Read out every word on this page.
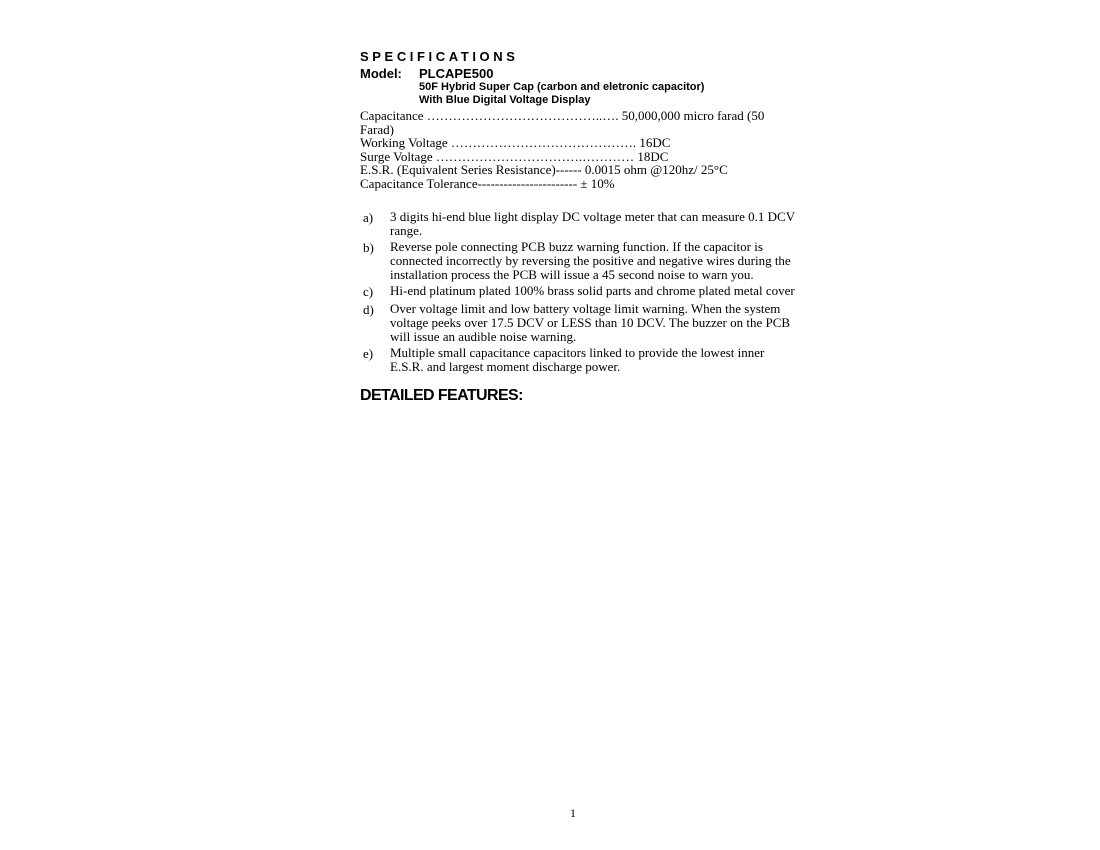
SPECIFICATIONS
Model:	PLCAPE500
50F Hybrid Super Cap (carbon and eletronic capacitor)
With Blue Digital Voltage Display
Capacitance …………………………………..…. 50,000,000 micro farad (50 Farad)
Working Voltage ……………………………………. 16DC
Surge Voltage …………………………….………… 18DC
E.S.R. (Equivalent Series Resistance)------ 0.0015 ohm @120hz/ 25°C
Capacitance Tolerance----------------------- ± 10%
a)	3 digits hi-end blue light display DC voltage meter that can measure 0.1 DCV range.
b)	Reverse pole connecting PCB buzz warning function. If the capacitor is connected incorrectly by reversing the positive and negative wires during the installation process the PCB will issue a 45 second noise to warn you.
c)	Hi-end platinum plated 100% brass solid parts and chrome plated metal cover
d)	Over voltage limit and low battery voltage limit warning. When the system voltage peeks over 17.5 DCV or LESS than 10 DCV. The buzzer on the PCB will issue an audible noise warning.
e)	Multiple small capacitance capacitors linked to provide the lowest inner E.S.R. and largest moment discharge power.
DETAILED FEATURES:
1
